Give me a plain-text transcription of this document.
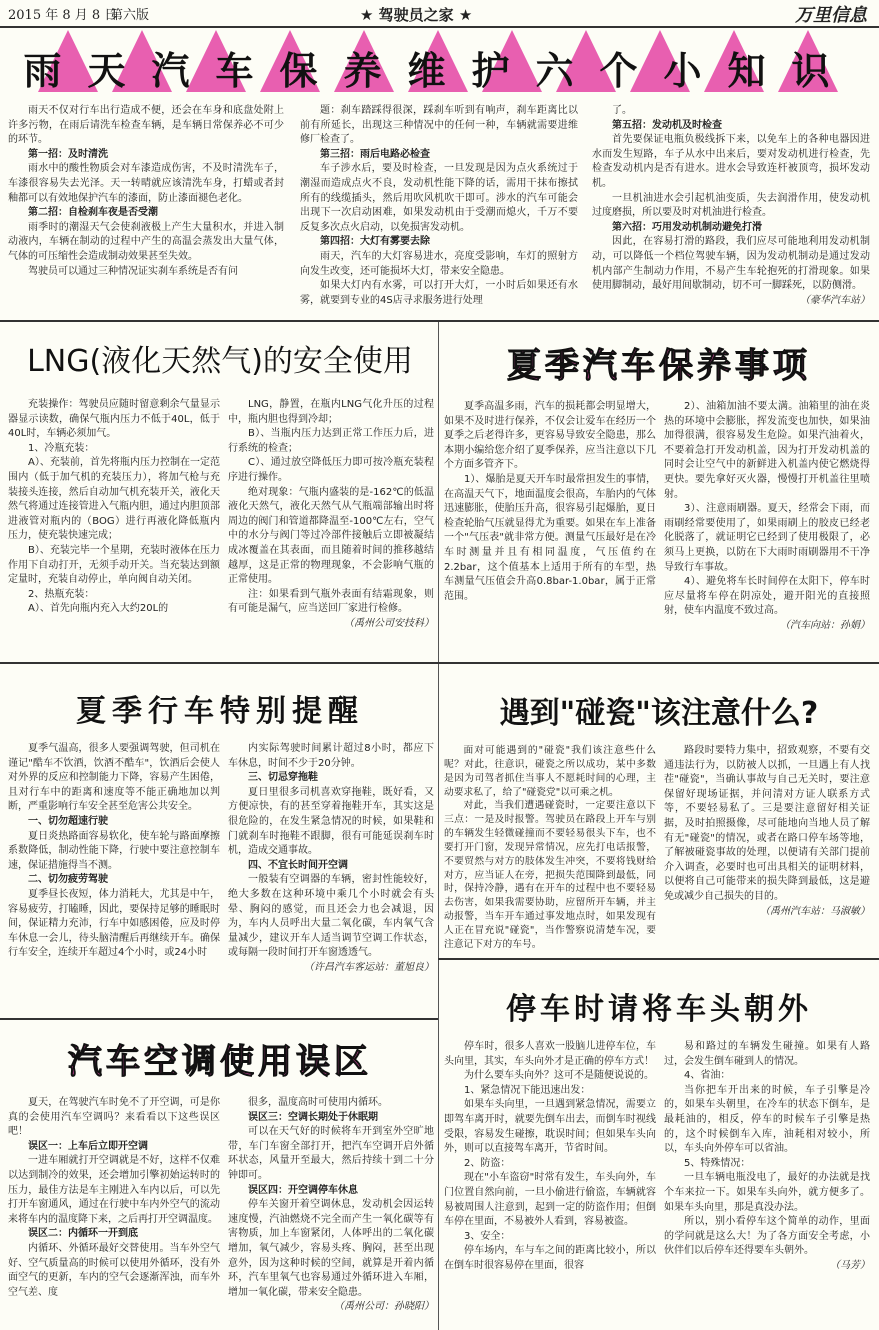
2015 年 8 月 8 日
第六版	★ 驾驶员之家 ★	万里信息
雨天汽车保养维护六个小知识

雨天不仅对行车出行造成不便，还会在车身和底盘处附上许多污物，在雨后请洗车检查车辆，是车辆日常保养必不可少的环节。

第一招：及时清洗

雨水中的酸性物质会对车漆造成伤害，不及时清洗车子，车漆很容易失去光泽。天一转晴就应该清洗车身，打蜡或者封釉都可以有效地保护汽车的漆面，防止漆面褪色老化。

第二招：自检刹车夜是否受潮

雨季时的潮湿天气会使刹液极上产生大量积水，并进入制动液内，车辆在制动的过程中产生的高温会蒸发出大量气体，气体的可压缩性会造成制动效果甚至失效。

驾驶员可以通过三种情况证实刹车系统是否有问

题：刹车踏踩得很深，踩刹车听到有响声，刹车距离比以前有所延长，出现这三种情况中的任何一种，车辆就需要进维修厂检查了。

第三招：雨后电路必检查

车子涉水后，要及时检查，一旦发现是因为点火系统过于潮湿而造成点火不良，发动机性能下降的话，需用干抹布擦拭所有的线缆插头，然后用吹风机吹干即可。涉水的汽车可能会出现下一次启动困难，如果发动机由于受潮而熄火，千万不要反复多次点火启动，以免损害发动机。

第四招：大灯有雾要去除

雨天，汽车的大灯容易进水，亮度受影响，车灯的照射方向发生改变，还可能损坏大灯，带来安全隐患。

如果大灯内有水雾，可以打开大灯，一小时后如果还有水雾，就要到专业的4S店寻求服务进行处理

了。

第五招：发动机及时检查

首先要保证电瓶负极线拆下来，以免车上的各种电器因进水而发生短路，车子从水中出来后，要对发动机进行检查，先检查发动机内是否有进水。进水会导致连杆被顶弯，损坏发动机。

一旦机油进水会引起机油变质，失去润滑作用，使发动机过度磨损，所以要及时对机油进行检查。

第六招：巧用发动机制动避免打滑

因此，在容易打滑的路段，我们应尽可能地利用发动机制动，可以降低一个档位驾驶车辆，因为发动机制动是通过发动机内部产生制动力作用，不易产生车轮抱死的打滑现象。如果使用脚制动，最好用间歇制动，切不可一脚踩死，以防侧滑。

（豪华汽车站）

LNG(液化天然气)的安全使用

充装操作：驾驶员应随时留意剩余气量显示器显示读数，确保气瓶内压力不低于40L，低于40L时，车辆必须加气。

1、冷瓶充装：

A）、充装前，首先将瓶内压力控制在一定范围内（低于加气机的充装压力），将加气枪与充装接头连接，然后自动加气机充装开关，液化天然气将通过连接管进入气瓶内胆，通过内胆顶部进液管对瓶内的（BOG）进行再液化降低瓶内压力，使充装快速完成；

B）、充装完毕一个星期，充装时液体在压力作用下自动打开，无须手动开关。当充装达到额定量时，充装自动停止，单向阀自动关闭。

2、热瓶充装：

A）、首先向瓶内充入大约20L的

LNG，静置，在瓶内LNG气化升压的过程中，瓶内胆也得到冷却；

B）、当瓶内压力达到正常工作压力后，进行系统的检查；

C）、通过放空降低压力即可按冷瓶充装程序进行操作。

绝对现象：气瓶内盛装的是-162℃的低温液化天然气，液化天然气从气瓶端部输出时将周边的阀门和管道都降温至-100℃左右，空气中的水分与阀门等过冷部件接触后立即被凝结成冰覆盖在其表面，而且随着时间的推移越结越厚，这是正常的物理现象，不会影响气瓶的正常使用。

注：如果看到气瓶外表面有结霜现象，则有可能是漏气，应当送回厂家进行检修。

（禹州公司安技科）

夏季汽车保养事项

夏季高温多雨，汽车的损耗都会明显增大，如果不及时进行保养，不仅会让爱车在经历一个夏季之后老得许多，更容易导致安全隐患，那么本期小编给您介绍了夏季保养，应当注意以下几个方面多管齐下。

1）、爆胎是夏天开车时最常担发生的事情，在高温天气下，地面温度会很高，车胎内的气体迅速膨胀，使胎压升高，很容易引起爆胎，夏日检查轮胎气压就显得尤为重要。如果在车上准备一个"气压表"就非常方便。测量气压最好是在冷车时测量并且有相同温度，气压值约在2.2bar，这个值基本上适用于所有的车型，热车测量气压值会升高0.8bar-1.0bar，属于正常范围。

2）、油箱加油不要太满。油箱里的油在炎热的环境中会膨胀，挥发流变也加快，如果油加得很满，很容易发生危险。如果汽油着火，不要着急打开发动机盖，因为打开发动机盖的同时会让空气中的新鲜进入机盖内使它燃烧得更快。要先拿好灭火器，慢慢打开机盖往里喷射。

3）、注意雨刷器。夏天，经常会下雨，而雨刷经常要使用了，如果雨刷上的胶皮已经老化脱落了，就证明它已经到了使用极限了，必须马上更换，以防在下大雨时雨刷器用不干净导致行车事故。

4）、避免将车长时间停在太阳下，停车时应尽量将车停在阴凉处，避开阳光的直接照射，使车内温度不致过高。

（汽车向站：孙娟）

夏季行车特别提醒

夏季气温高，很多人要强调驾驶，但司机在谨记"酷车不饮酒，饮酒不酷车"，饮酒后会使人对外界的反应和控制能力下降，容易产生困倦，且对行车中的距离和速度等不能正确地加以判断，严重影响行车安全甚至危害公共安全。

一、切勿超速行驶

夏日炎热路面容易软化，使车轮与路面摩擦系数降低，制动性能下降，行驶中要注意控制车速，保证措施得当不测。

二、切勿疲劳驾驶

夏季昼长夜短，体力消耗大，尤其是中午，容易疲劳，打瞌睡，因此，要保持足够的睡眠时间，保证精力充沛，行车中如感困倦，应及时停车休息一会儿，待头脑清醒后再继续开车。确保行车安全，连续开车超过4个小时，或24小时

内实际驾驶时间累计超过8小时，都应下车休息，时间不少于20分钟。

三、切忌穿拖鞋

夏日里很多司机喜欢穿拖鞋，既好看，又方便凉快，有的甚至穿着拖鞋开车，其实这是很危险的，在发生紧急情况的时候，如果鞋和门就刹车时拖鞋不跟脚，很有可能延误刹车时机，造成交通事故。

四、不宜长时间开空调

一般装有空调器的车辆，密封性能较好，绝大多数在这种环境中乘几个小时就会有头晕、胸闷的感觉，而且还会力也会减退，因为，车内人员呼出大量二氧化碳，车内氧气含量减少，建议开车人适当调节空调工作状态，或每隔一段时间打开车窗透透气。

（许昌汽车客运站：董旭良）

遇到"碰瓷"该注意什么?

面对可能遇到的"碰瓷"我们该注意些什么呢？对此，往意识，碰瓷之所以成功，某中多数是因为司驾者抓住当事人不愿耗时间的心理，主动要求私了，给了"碰瓷党"以可乘之机。

对此，当我们遭遇碰瓷时，一定要注意以下三点：一是及时报警。驾驶员在路段上开车与别的车辆发生轻微碰撞而不要轻易很头下车，也不要打开门窗，发现异常情况，应先打电话报警，不要贸然与对方的肢体发生冲突，不要将钱财给对方，应当证人在旁，把损失范围降到最低，同时，保持冷静，遇有在开车的过程中也不要轻易去伤害，如果我需要协助，应留所开车辆，并主动报警，当车开车通过事发地点时，如果发现有人正在冒充说"碰瓷"，当作警察说清楚车况，要注意记下对方的车号。

路段时要特力集中，招致观察，不要有交通违法行为，以防被人以抓，一旦遇上有人找茬"碰瓷"，当确认事故与自己无关时，要注意保留好现场证据，并问清对方证人联系方式等，不要轻易私了。三是要注意留好相关证据，及时拍照摄像，尽可能地向当地人员了解有无"碰瓷"的情况，或者在路口停车场等地，了解被碰瓷事故的处理，以便请有关部门提前介入调查，必要时也可出具相关的证明材料，以便将自己可能带来的损失降到最低，这是避免或减少自己损失的目的。

（禹州汽车站：马淑敏）

停车时请将车头朝外

停车时，很多人喜欢一股脑儿进停车位，车头向里，其实，车头向外才是正确的停车方式！

为什么要车头向外？这可不是随便说说的。

1、紧急情况下能迅速出发：

如果车头向里，一旦遇到紧急情况，需要立即驾车离开时，就要先倒车出去，而倒车时视线受限，容易发生碰擦，耽误时间；但如果车头向外，则可以直接驾车离开，节省时间。

2、防盗：

现在"小车盗窃"时常有发生，车头向外，车门位置自然向前，一旦小偷进行偷盗，车辆就容易被周围人注意到，起到一定的防盗作用；但倒车停在里面，不易被外人看到，容易被盗。

3、安全：

停车场内，车与车之间的距离比较小，所以在倒车时很容易停在里面，很容

易和路过的车辆发生碰撞。如果有人路过，会发生倒车碰到人的情况。

4、省油：

当你把车开出来的时候，车子引擎是冷的，如果车头朝里，在冷车的状态下倒车，是最耗油的，相反，停车的时候车子引擎是热的，这个时候倒车入库，油耗相对较小，所以，车头向外停车可以省油。

5、特殊情况：

一旦车辆电瓶没电了，最好的办法就是找个车来拉一下。如果车头向外，就方便多了。如果车头向里，那是真没办法。

所以，别小看停车这个简单的动作，里面的学问就是这么大！为了各方面安全考虑，小伙伴们以后停车还得要车头朝外。

（马芳）

汽车空调使用误区

夏天，在驾驶汽车时免不了开空调，可是你真的会使用汽车空调吗？来看看以下这些误区吧！

误区一：上车后立即开空调

一进车厢就打开空调就是不好，这样不仅难以达到制冷的效果，还会增加引擎初始运转时的压力，最佳方法是车主刚进入车内以后，可以先打开车窗通风，通过在行驶中车内外空气的流动来将车内的温度降下来，之后再打开空调温度。

误区二：内循环一开到底

内循环、外循环最好交替使用。当车外空气好、空气质量高的时候可以使用外循环，没有外面空气的更新，车内的空气会逐渐浑浊，而车外空气差、度

很多，温度高时可使用内循环。

误区三：空调长期处于休眠期

可以在天气好的时候将车开到室外空旷地带，车门车窗全部打开，把汽车空调开启外循环状态，风量开至最大，然后持续十到二十分钟即可。

误区四：开空调停车休息

停车关窗开着空调休息，发动机会因运转速度慢，汽油燃烧不完全而产生一氧化碳等有害物质，加上车窗紧闭，人体呼出的二氧化碳增加，氧气减少，容易头疼、胸闷，甚至出现意外，因为这种时候的空间，就算是开着内循环，汽车里氧气也容易通过外循环进入车厢，增加一氧化碳，带来安全隐患。

（禹州公司：孙晓阳）
